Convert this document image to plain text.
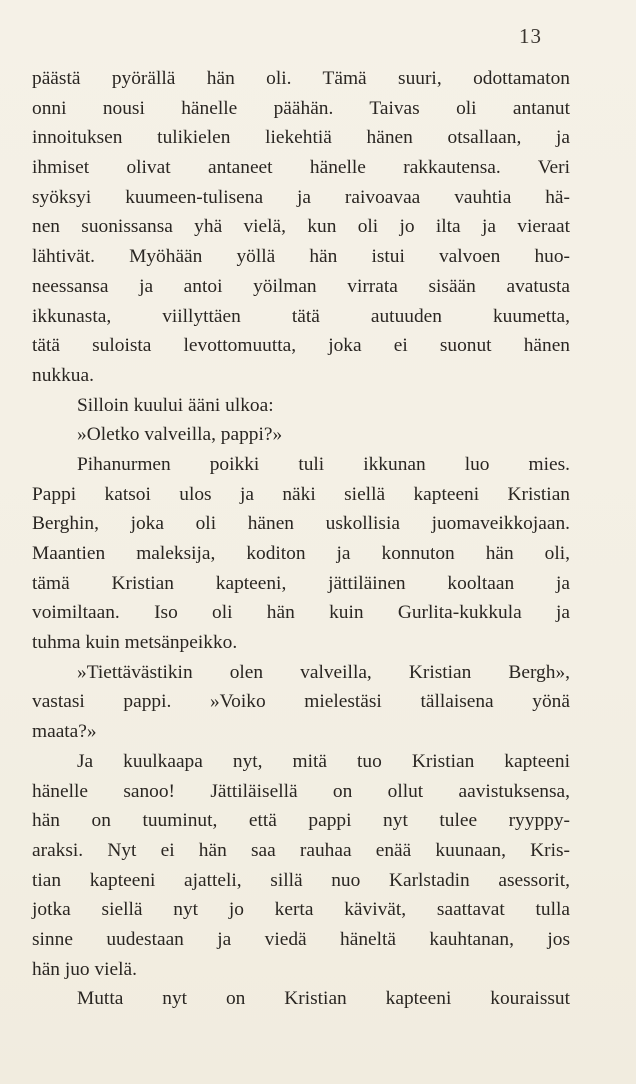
13
päästä pyörällä hän oli. Tämä suuri, odottamaton
onni nousi hänelle päähän. Taivas oli antanut
innoituksen tulikielen liekehtiä hänen otsallaan, ja
ihmiset olivat antaneet hänelle rakkautensa. Veri
syöksyi kuumeen-tulisena ja raivoavaa vauhtia hä-
nen suonissansa yhä vielä, kun oli jo ilta ja vieraat
lähtivät. Myöhään yöllä hän istui valvoen huo-
neessansa ja antoi yöilman virrata sisään avatusta
ikkunasta, viillyttäen tätä autuuden kuumetta,
tätä suloista levottomuutta, joka ei suonut hänen
nukkua.
Silloin kuului ääni ulkoa:
»Oletko valveilla, pappi?»
Pihanurmen poikki tuli ikkunan luo mies.
Pappi katsoi ulos ja näki siellä kapteeni Kristian
Berghin, joka oli hänen uskollisia juomaveikkojaan.
Maantien maleksija, koditon ja konnuton hän oli,
tämä Kristian kapteeni, jättiläinen kooltaan ja
voimiltaan. Iso oli hän kuin Gurlita-kukkula ja
tuhma kuin metsänpeikko.
»Tiettävästikin olen valveilla, Kristian Bergh»,
vastasi pappi. »Voiko mielestäsi tällaisena yönä
maata?»
Ja kuulkaapa nyt, mitä tuo Kristian kapteeni
hänelle sanoo! Jättiläisellä on ollut aavistuksensa,
hän on tuuminut, että pappi nyt tulee ryyppy-
araksi. Nyt ei hän saa rauhaa enää kuunaan, Kris-
tian kapteeni ajatteli, sillä nuo Karlstadin asessorit,
jotka siellä nyt jo kerta kävivät, saattavat tulla
sinne uudestaan ja viedä häneltä kauhtanan, jos
hän juo vielä.
Mutta nyt on Kristian kapteeni kouraissut
